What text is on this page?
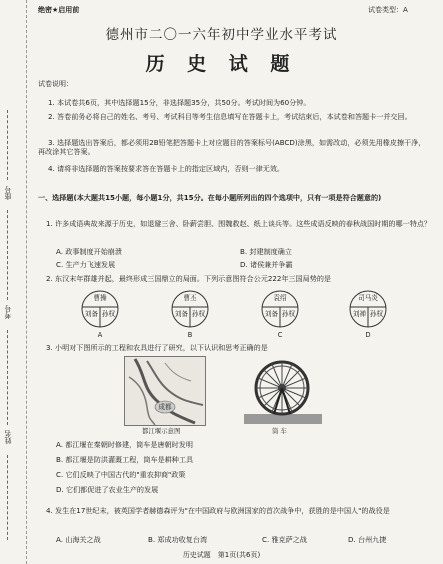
绝密★启用前	试卷类型：A
德州市二〇一六年初中学业水平考试
历 史 试 题
座号
考号
姓名
试卷说明：
1. 本试卷共6页，其中选择题15分，非选择题35分，共50分。考试时间为60分钟。
2. 答卷前务必将自己的姓名、考号、考试科目等考生信息填写在答题卡上，考试结束后，本试卷和答题卡一并交回。
3. 选择题选出答案后，都必须用2B铅笔把答题卡上对应题目的答案标号(ABCD)涂黑，如需改动，必须先用橡皮擦干净，再改涂其它答案。
4. 请将非选择题的答案按要求答在答题卡上的指定区域内，否则一律无效。
一、选择题(本大题共15小题，每小题1分，共15分。在每小题所列出的四个选项中，只有一项是符合题意的)
1. 许多成语典故来源于历史，如退避三舍、卧薪尝胆、围魏救赵、纸上谈兵等。这些成语反映的春秋战国时期的哪一特点？
A. 政事制度开始崩溃	B. 封建制度确立
C. 生产力飞速发展	D. 诸侯兼并争霸
2. 东汉末年群雄并起，最终形成三国鼎立的局面。下列示意图符合公元222年三国局势的是
曹操
刘备 孙权
A
曹丕
刘备 孙权
B
袁绍
刘备 孙权
C
司马炎
刘禅 孙权
D
3. 小明对下图所示的工程和农具进行了研究，以下认识和思考正确的是
成都
都江堰示意图	筒 车
A. 都江堰在秦朝时修建，筒车是唐朝时发明
B. 都江堰是防洪灌溉工程，筒车是耕种工具
C. 它们反映了中国古代的"重农抑商"政策
D. 它们都促进了农业生产的发展
4. 发生在17世纪末，被英国学者赫德森评为"在中国政府与欧洲国家的首次战争中，获胜的是中国人"的战役是
A. 山海关之战	B. 郑成功收复台湾	C. 雅克萨之战	D. 台州九捷
历史试题　第1页(共6页)
